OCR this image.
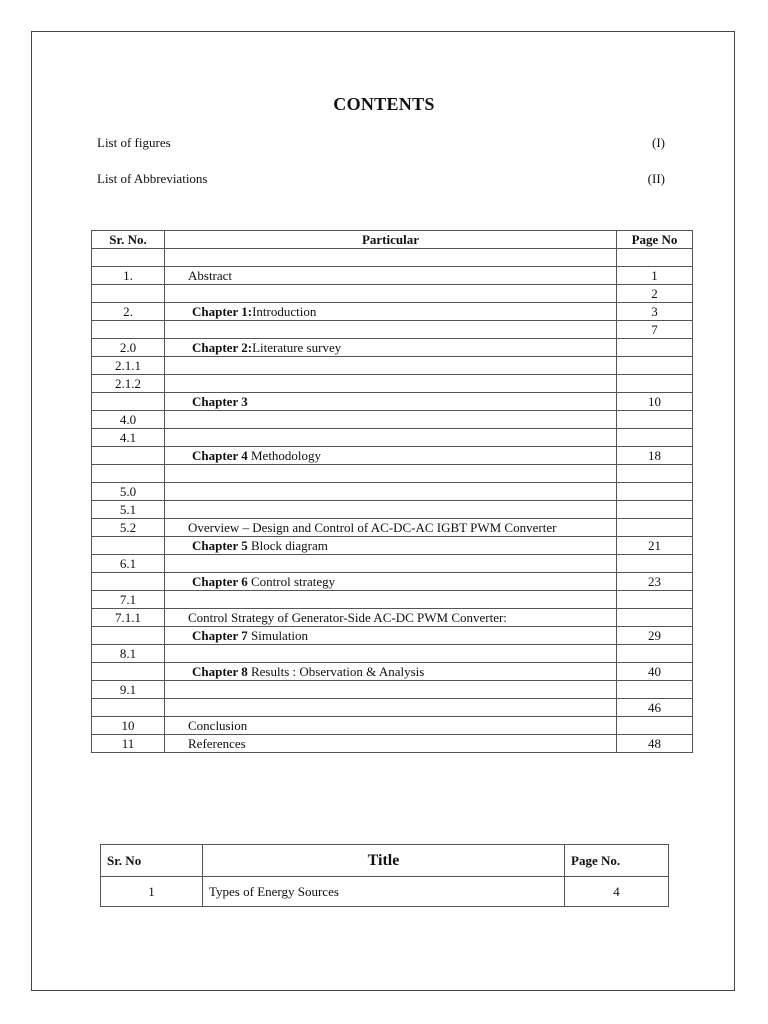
CONTENTS
List of figures	(I)
List of Abbreviations	(II)
Sr. No.	Particular	Page No

1.	Abstract	1
		2
2.	Chapter 1:Introduction	3
		7
2.0	Chapter 2:Literature survey	
2.1.1		
2.1.2		
	Chapter 3	10
4.0		
4.1		
	Chapter 4 Methodology	18

5.0		
5.1		
5.2	Overview – Design and Control of AC-DC-AC IGBT PWM Converter	
	Chapter 5 Block diagram	21
6.1		
	Chapter 6 Control strategy	23
7.1		
7.1.1	Control Strategy of Generator-Side AC-DC PWM Converter:	
	Chapter 7 Simulation	29
8.1		
	Chapter 8 Results : Observation & Analysis	40
9.1		
		46
10	Conclusion	
11	References	48
Sr. No	Title	Page No.
1	Types of Energy Sources	4
